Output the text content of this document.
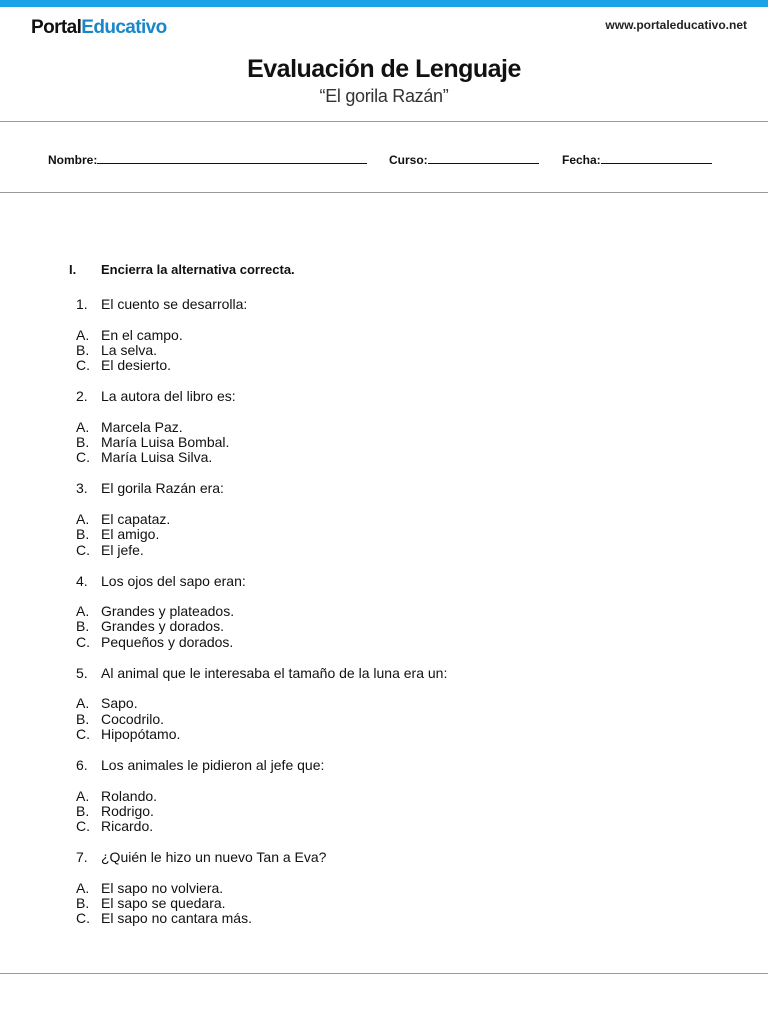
PortalEducativo	www.portaleducativo.net
Evaluación de Lenguaje
“El gorila Razán”
Nombre:	Curso:	Fecha:
I. Encierra la alternativa correcta.
1. El cuento se desarrolla:
A. En el campo.
B. La selva.
C. El desierto.
2. La autora del libro es:
A. Marcela Paz.
B. María Luisa Bombal.
C. María Luisa Silva.
3. El gorila Razán era:
A. El capataz.
B. El amigo.
C. El jefe.
4. Los ojos del sapo eran:
A. Grandes y plateados.
B. Grandes y dorados.
C. Pequeños y dorados.
5. Al animal que le interesaba el tamaño de la luna era un:
A. Sapo.
B. Cocodrilo.
C. Hipopótamo.
6. Los animales le pidieron al jefe que:
A. Rolando.
B. Rodrigo.
C. Ricardo.
7. ¿Quién le hizo un nuevo Tan a Eva?
A. El sapo no volviera.
B. El sapo se quedara.
C. El sapo no cantara más.
